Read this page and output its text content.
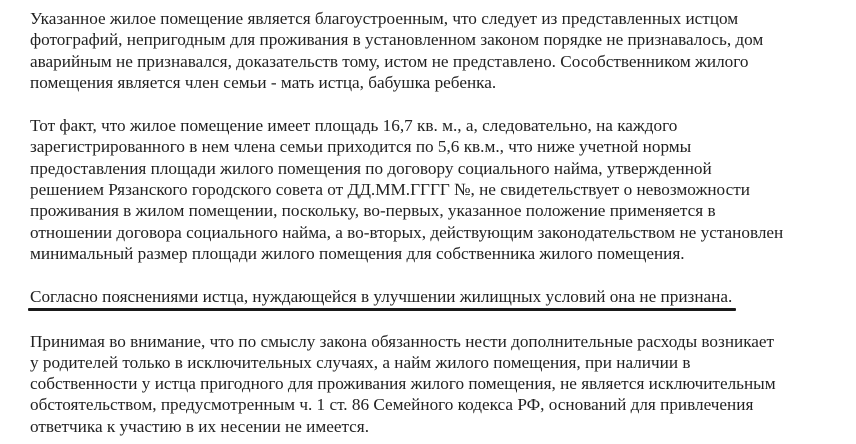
Указанное жилое помещение является благоустроенным, что следует из представленных истцом
фотографий, непригодным для проживания в установленном законом порядке не признавалось, дом
аварийным не признавался, доказательств тому, истом не представлено. Сособственником жилого
помещения является член семьи - мать истца, бабушка ребенка.
Тот факт, что жилое помещение имеет площадь 16,7 кв. м., а, следовательно, на каждого
зарегистрированного в нем члена семьи приходится по 5,6 кв.м., что ниже учетной нормы
предоставления площади жилого помещения по договору социального найма, утвержденной
решением Рязанского городского совета от ДД.ММ.ГГГГ №, не свидетельствует о невозможности
проживания в жилом помещении, поскольку, во-первых, указанное положение применяется в
отношении договора социального найма, а во-вторых, действующим законодательством не установлен
минимальный размер площади жилого помещения для собственника жилого помещения.
Согласно пояснениями истца, нуждающейся в улучшении жилищных условий она не признана.
Принимая во внимание, что по смыслу закона обязанность нести дополнительные расходы возникает
у родителей только в исключительных случаях, а найм жилого помещения, при наличии в
собственности у истца пригодного для проживания жилого помещения, не является исключительным
обстоятельством, предусмотренным ч. 1 ст. 86 Семейного кодекса РФ, оснований для привлечения
ответчика к участию в их несении не имеется.
